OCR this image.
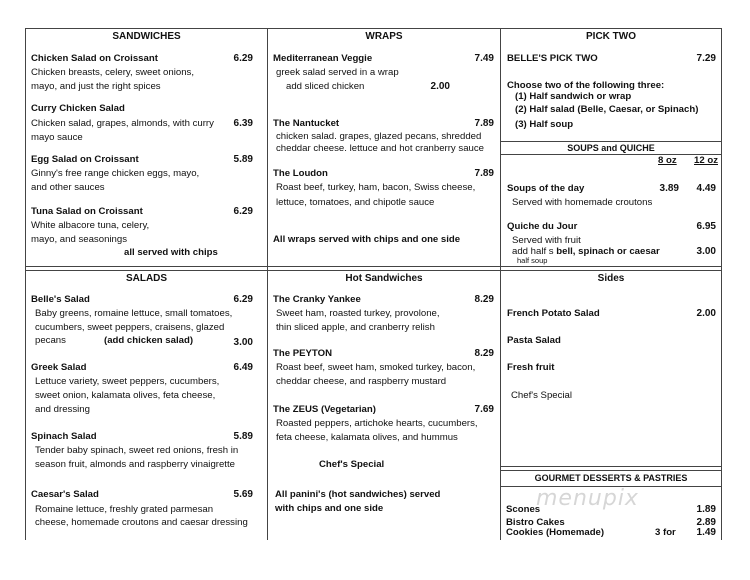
SANDWICHES	WRAPS	PICK TWO
SALADS	Hot Sandwiches	Sides
SOUPS and QUICHE
GOURMET DESSERTS & PASTRIES
Chicken Salad on Croissant	6.29
Chicken breasts, celery, sweet onions,
mayo, and just the right spices
Curry Chicken Salad
Chicken salad, grapes, almonds, with curry 6.39
mayo sauce
Egg Salad on Croissant	5.89
Ginny's free range chicken eggs, mayo,
and other sauces
Tuna Salad on Croissant	6.29
White albacore tuna, celery,
mayo, and seasonings
all served with chips
Mediterranean Veggie	7.49
greek salad served in a wrap
add sliced chicken	2.00
The Nantucket	7.89
chicken salad. grapes, glazed pecans, shredded
cheddar cheese. lettuce and hot cranberry sauce
The Loudon	7.89
Roast beef, turkey, ham, bacon, Swiss cheese,
lettuce, tomatoes, and chipotle sauce
All wraps served with chips and one side
BELLE'S PICK TWO	7.29
Choose two of the following three:
(1) Half sandwich or wrap
(2) Half salad (Belle, Caesar, or Spinach)
(3) Half soup
8 oz 12 oz
Soups of the day	3.89 4.49
Served with homemade croutons
Quiche du Jour	6.95
Served with fruit
add half s bell, spinach or caesar
half soup
3.00
Belle's Salad	6.29
Baby greens, romaine lettuce, small tomatoes,
cucumbers, sweet peppers, craisens, glazed
pecans	(add chicken salad)	3.00
Greek Salad	6.49
Lettuce variety, sweet peppers, cucumbers,
sweet onion, kalamata olives, feta cheese,
and dressing
Spinach Salad	5.89
Tender baby spinach, sweet red onions, fresh in
season fruit, almonds and raspberry vinaigrette
Caesar's Salad	5.69
Romaine lettuce, freshly grated parmesan
cheese, homemade croutons and caesar dressing
The Cranky Yankee	8.29
Sweet ham, roasted turkey, provolone,
thin sliced apple, and cranberry relish
The PEYTON	8.29
Roast beef, sweet ham, smoked turkey, bacon,
cheddar cheese, and raspberry mustard
The ZEUS (Vegetarian)	7.69
Roasted peppers, artichoke hearts, cucumbers,
feta cheese, kalamata olives, and hummus
Chef's Special
All panini's (hot sandwiches) served
with chips and one side
French Potato Salad	2.00
Pasta Salad
Fresh fruit
Chef's Special
menupix
Scones	1.89
Bistro Cakes	2.89
Cookies (Homemade)	3 for 1.49
